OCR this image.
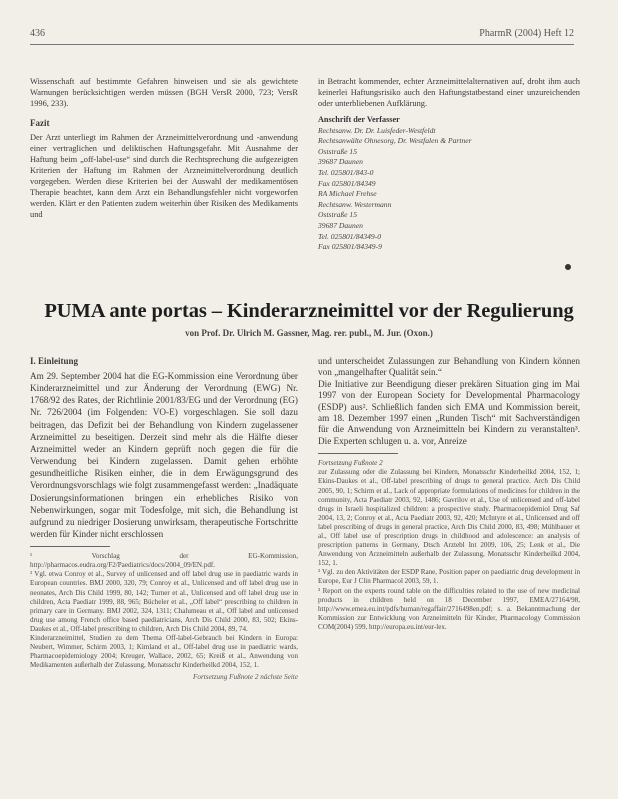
436	PharmR (2004) Heft 12

Wissenschaft auf bestimmte Gefahren hinweisen und sie als gewichtete Warnungen berücksichtigen werden müssen (BGH VersR 2000, 723; VersR 1996, 233).

Fazit

Der Arzt unterliegt im Rahmen der Arzneimittelverordnung und -anwendung einer vertraglichen und deliktischen Haftungsgefahr. Mit Ausnahme der Haftung beim „off-label-use“ sind durch die Rechtsprechung die aufgezeigten Kriterien der Haftung im Rahmen der Arzneimittelverordnung deutlich vorgegeben. Werden diese Kriterien bei der Auswahl der medikamentösen Therapie beachtet, kann dem Arzt ein Behandlungsfehler nicht vorgeworfen werden. Klärt er den Patienten zudem weiterhin über Risiken des Medikaments und

in Betracht kommender, echter Arzneimittelalternativen auf, droht ihm auch keinerlei Haftungsrisiko auch den Haftungstatbestand einer unzureichenden oder unterbliebenen Aufklärung.

Anschrift der Verfasser
Rechtsanw. Dr. Dr. Luisfeder-Westfeldt
Rechtsanwälte Ohnesorg, Dr. Westfalen & Partner
Oststraße 15
39687 Daunen
Tel. 025801/843-0
Fax 025801/84349
RA Michael Frehse
Rechtsanw. Westermann
Oststraße 15
39687 Daunen
Tel. 025801/84349-0
Fax 025801/84349-9
PUMA ante portas – Kinderarzneimittel vor der Regulierung
von Prof. Dr. Ulrich M. Gassner, Mag. rer. publ., M. Jur. (Oxon.)
I. Einleitung

Am 29. September 2004 hat die EG-Kommission eine Verordnung über Kinderarzneimittel und zur Änderung der Verordnung (EWG) Nr. 1768/92 des Rates, der Richtlinie 2001/83/EG und der Verordnung (EG) Nr. 726/2004 (im Folgenden: VO-E) vorgeschlagen. Sie soll dazu beitragen, das Defizit bei der Behandlung von Kindern zugelassener Arzneimittel zu beseitigen. Derzeit sind mehr als die Hälfte dieser Arzneimittel weder an Kindern geprüft noch gegen die für die Verwendung bei Kindern zugelassen. Damit gehen erhöhte gesundheitliche Risiken einher, die in dem Erwägungsgrund des Verordnungsvorschlags wie folgt zusammengefasst werden: „Inadäquate Dosierungsinformationen bringen ein erhebliches Risiko von Nebenwirkungen, sogar mit Todesfolge, mit sich, die Behandlung ist aufgrund zu niedriger Dosierung unwirksam, therapeutische Fortschritte werden für Kinder nicht erschlossen

¹ Vorschlag der EG-Kommission, http://pharmacos.eudra.org/F2/Paediatrics/docs/2004_09/EN.pdf.

² Vgl. etwa Conroy et al., Survey of unlicensed and off label drug use in paediatric wards in European countries. BMJ 2000, 320, 79; Conroy et al., Unlicensed and off label drug use in neonates, Arch Dis Child 1999, 80, 142; Turner et al., Unlicensed and off label drug use in children, Acta Paediatr 1999, 88, 965; Bücheler et al., „Off label“ prescribing to children in primary care in Germany. BMJ 2002, 324, 1311; Chalumeau et al., Off label and unlicensed drug use among French office based paediatricians, Arch Dis Child 2000, 83, 502; Ekins-Daukes et al., Off-label prescribing to children, Arch Dis Child 2004, 89, 74.

Kinderarzneimittel, Studien zu dem Thema Off-label-Gebrauch bei Kindern in Europa: Neubert, Wimmer, Schirm 2003, 1; Kimland et al., Off-label drug use in paediatric wards, Pharmacoepidemiology 2004; Kreuger, Wallace, 2002, 65; Kreiß et al., Anwendung von Medikamenten außerhalb der Zulassung, Monatsschr Kinderheilkd 2004, 152, 1.

Fortsetzung Fußnote 2 nächste Seite

und unterscheidet Zulassungen zur Behandlung von Kindern können von „mangelhafter Qualität sein.“

Die Initiative zur Beendigung dieser prekären Situation ging im Mai 1997 von der European Society for Developmental Pharmacology (ESDP) aus². Schließlich fanden sich EMA und Kommission bereit, am 18. Dezember 1997 einen „Runden Tisch“ mit Sachverständigen für die Anwendung von Arzneimitteln bei Kindern zu veranstalten³. Die Experten schlugen u. a. vor, Anreize

Fortsetzung Fußnote 2

zur Zulassung oder die Zulassung bei Kindern, Monatsschr Kinderheilkd 2004, 152, 1; Ekins-Daukes et al., Off-label prescribing of drugs to general practice. Arch Dis Child 2005, 90, 1; Schirm et al., Lack of appropriate formulations of medicines for children in the community, Acta Paediatr 2003, 92, 1486; Gavrilov et al., Use of unlicensed and off-label drugs in Israeli hospitalized children: a prospective study. Pharmacoepidemiol Drug Saf 2004, 13, 2; Conroy et al., Acta Paediatr 2003, 92, 420; McIntyre et al., Unlicensed and off label prescribing of drugs in general practice, Arch Dis Child 2000, 83, 498; Mühlbauer et al., Off label use of prescription drugs in childhood and adolescence: an analysis of prescription patterns in Germany, Dtsch Arztebl Int 2009, 106, 25; Lenk et al., Die Anwendung von Arzneimitteln außerhalb der Zulassung, Monatsschr Kinderheilkd 2004, 152, 1.

² Vgl. zu den Aktivitäten der ESDP Rane, Position paper on paediatric drug development in Europe, Eur J Clin Pharmacol 2003, 59, 1.

³ Report on the experts round table on the difficulties related to the use of new medicinal products in children held on 18 December 1997, EMEA/27164/98, http://www.emea.eu.int/pdfs/human/regaffair/2716498en.pdf; s. a. Bekanntmachung der Kommission zur Entwicklung von Arzneimitteln für Kinder, Pharmacology Commission COM(2004) 599, http://europa.eu.int/eur-lex.
